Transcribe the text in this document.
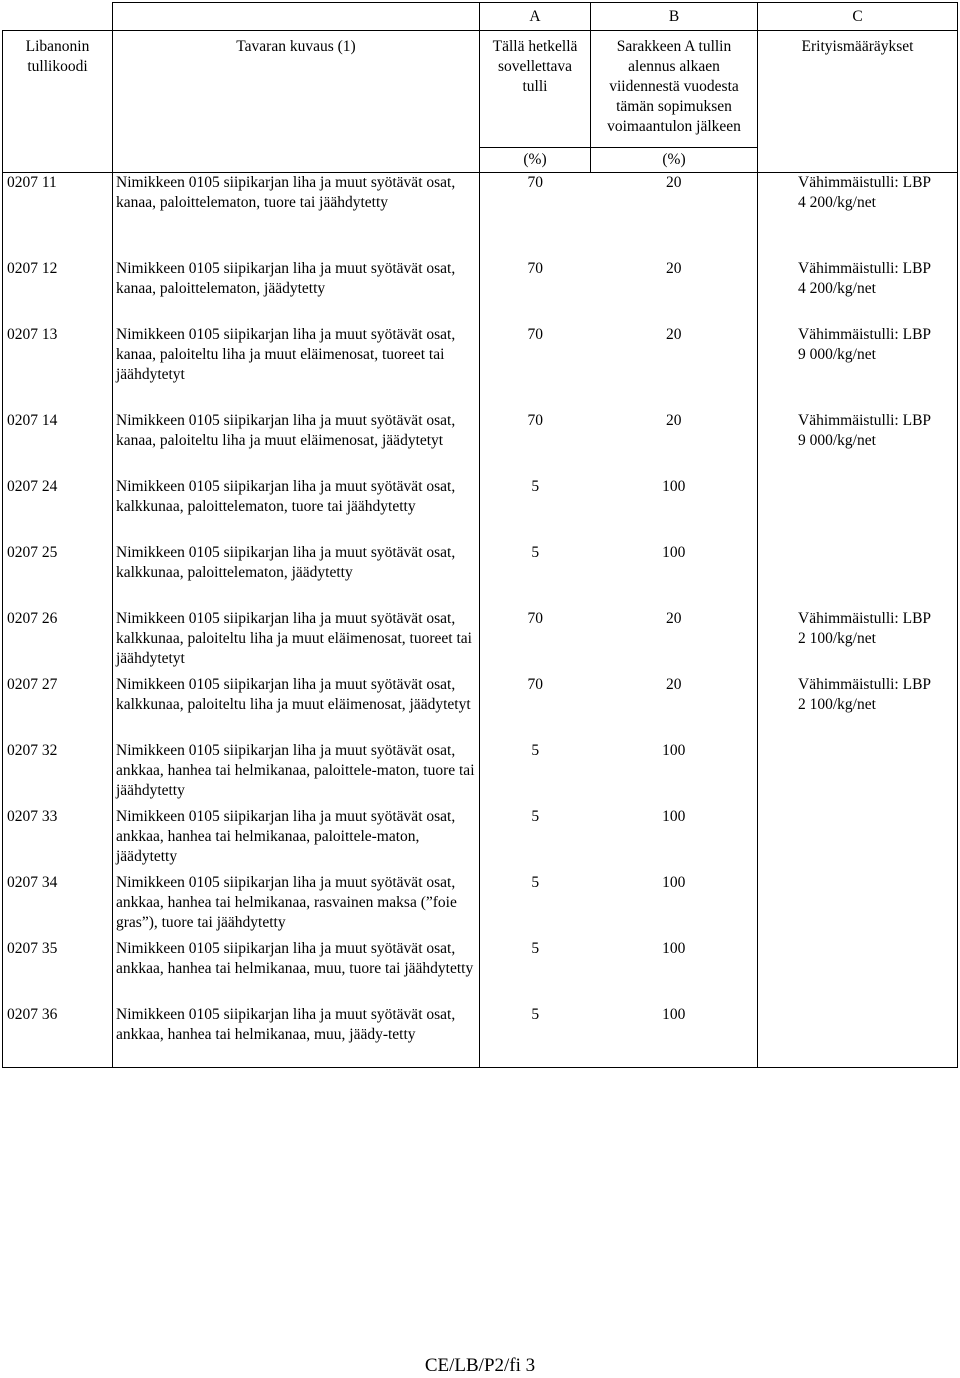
		A	B	C
Libanonin tullikoodi	Tavaran kuvaus (1)	Tällä hetkellä sovellettava tulli	Sarakkeen A tullin alennus alkaen viidennestä vuodesta tämän sopimuksen voimaantulon jälkeen	Erityismääräykset
		(%)	(%)	
0207 11	Nimikkeen 0105 siipikarjan liha ja muut syötävät osat, kanaa, paloittelematon, tuore tai jäähdytetty	70	20	Vähimmäistulli: LBP
4 200/kg/net

0207 12	Nimikkeen 0105 siipikarjan liha ja muut syötävät osat, kanaa, paloittelematon, jäädytetty	70	20	Vähimmäistulli: LBP
4 200/kg/net

0207 13	Nimikkeen 0105 siipikarjan liha ja muut syötävät osat, kanaa, paloiteltu liha ja muut eläimenosat, tuoreet tai jäähdytetyt	70	20	Vähimmäistulli: LBP
9 000/kg/net

0207 14	Nimikkeen 0105 siipikarjan liha ja muut syötävät osat, kanaa, paloiteltu liha ja muut eläimenosat, jäädytetyt	70	20	Vähimmäistulli: LBP
9 000/kg/net

0207 24	Nimikkeen 0105 siipikarjan liha ja muut syötävät osat, kalkkunaa, paloittelematon, tuore tai jäähdytetty	5	100	

0207 25	Nimikkeen 0105 siipikarjan liha ja muut syötävät osat, kalkkunaa, paloittelematon, jäädytetty	5	100	

0207 26	Nimikkeen 0105 siipikarjan liha ja muut syötävät osat, kalkkunaa, paloiteltu liha ja muut eläimenosat, tuoreet tai jäähdytetyt	70	20	Vähimmäistulli: LBP
2 100/kg/net

0207 27	Nimikkeen 0105 siipikarjan liha ja muut syötävät osat, kalkkunaa, paloiteltu liha ja muut eläimenosat, jäädytetyt	70	20	Vähimmäistulli: LBP
2 100/kg/net

0207 32	Nimikkeen 0105 siipikarjan liha ja muut syötävät osat, ankkaa, hanhea tai helmikanaa, paloittele-maton, tuore tai jäähdytetty	5	100	

0207 33	Nimikkeen 0105 siipikarjan liha ja muut syötävät osat, ankkaa, hanhea tai helmikanaa, paloittele-maton, jäädytetty	5	100	

0207 34	Nimikkeen 0105 siipikarjan liha ja muut syötävät osat, ankkaa, hanhea tai helmikanaa, rasvainen maksa (”foie gras”), tuore tai jäähdytetty	5	100	

0207 35	Nimikkeen 0105 siipikarjan liha ja muut syötävät osat, ankkaa, hanhea tai helmikanaa, muu, tuore tai jäähdytetty	5	100	

0207 36	Nimikkeen 0105 siipikarjan liha ja muut syötävät osat, ankkaa, hanhea tai helmikanaa, muu, jäädy-tetty	5	100	
CE/LB/P2/fi 3
